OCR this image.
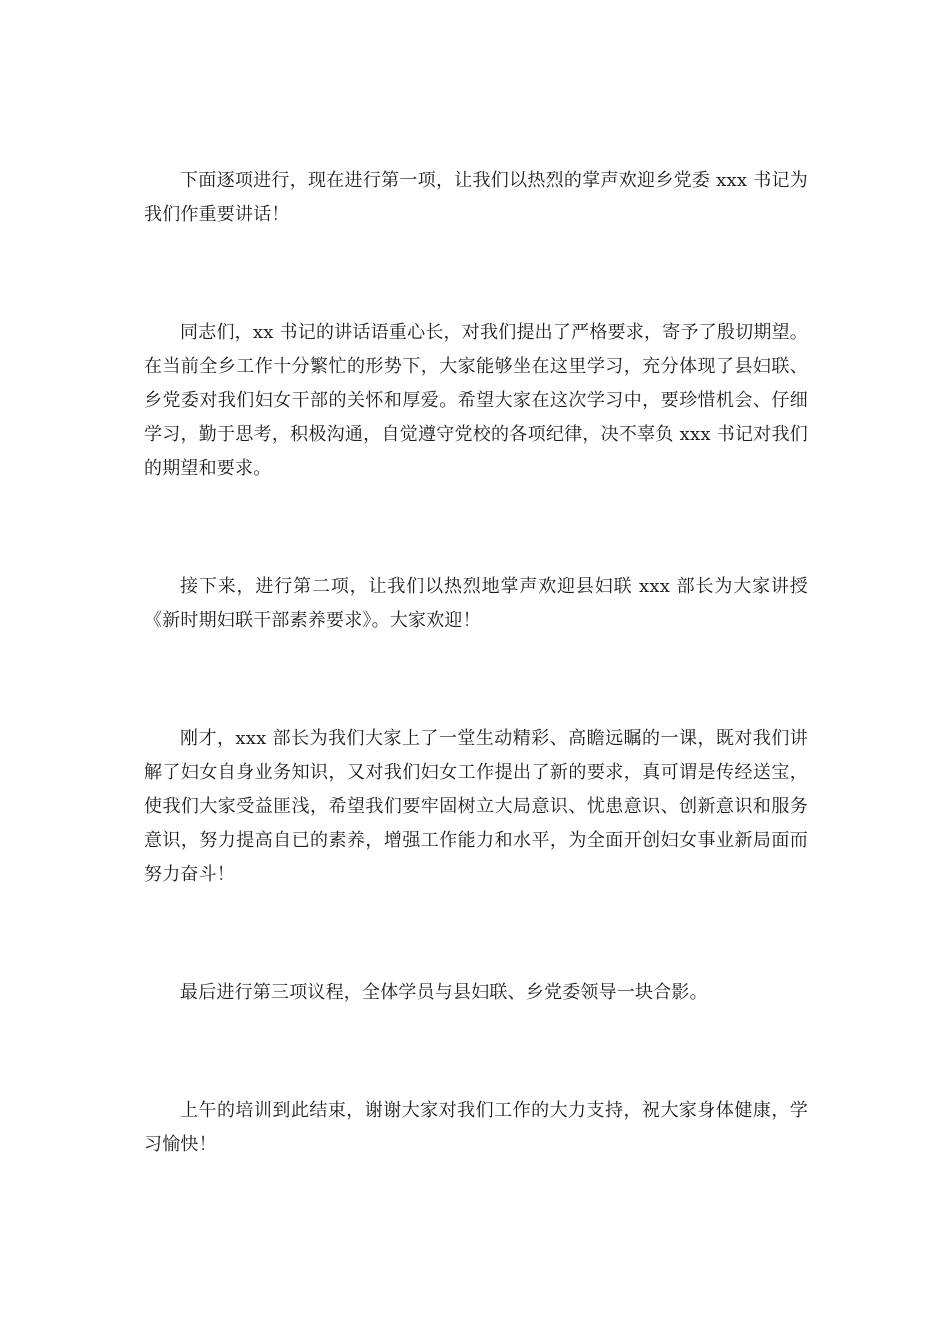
下面逐项进行，现在进行第一项，让我们以热烈的掌声欢迎乡党委 xxx 书记为我们作重要讲话！

同志们，xx 书记的讲话语重心长，对我们提出了严格要求，寄予了殷切期望。在当前全乡工作十分繁忙的形势下，大家能够坐在这里学习，充分体现了县妇联、乡党委对我们妇女干部的关怀和厚爱。希望大家在这次学习中，要珍惜机会、仔细学习，勤于思考，积极沟通，自觉遵守党校的各项纪律，决不辜负 xxx 书记对我们的期望和要求。

接下来，进行第二项，让我们以热烈地掌声欢迎县妇联 xxx 部长为大家讲授《新时期妇联干部素养要求》。大家欢迎！

刚才，xxx 部长为我们大家上了一堂生动精彩、高瞻远瞩的一课，既对我们讲解了妇女自身业务知识，又对我们妇女工作提出了新的要求，真可谓是传经送宝，使我们大家受益匪浅，希望我们要牢固树立大局意识、忧患意识、创新意识和服务意识，努力提高自已的素养，增强工作能力和水平，为全面开创妇女事业新局面而努力奋斗！

最后进行第三项议程，全体学员与县妇联、乡党委领导一块合影。

上午的培训到此结束，谢谢大家对我们工作的大力支持，祝大家身体健康，学习愉快！
